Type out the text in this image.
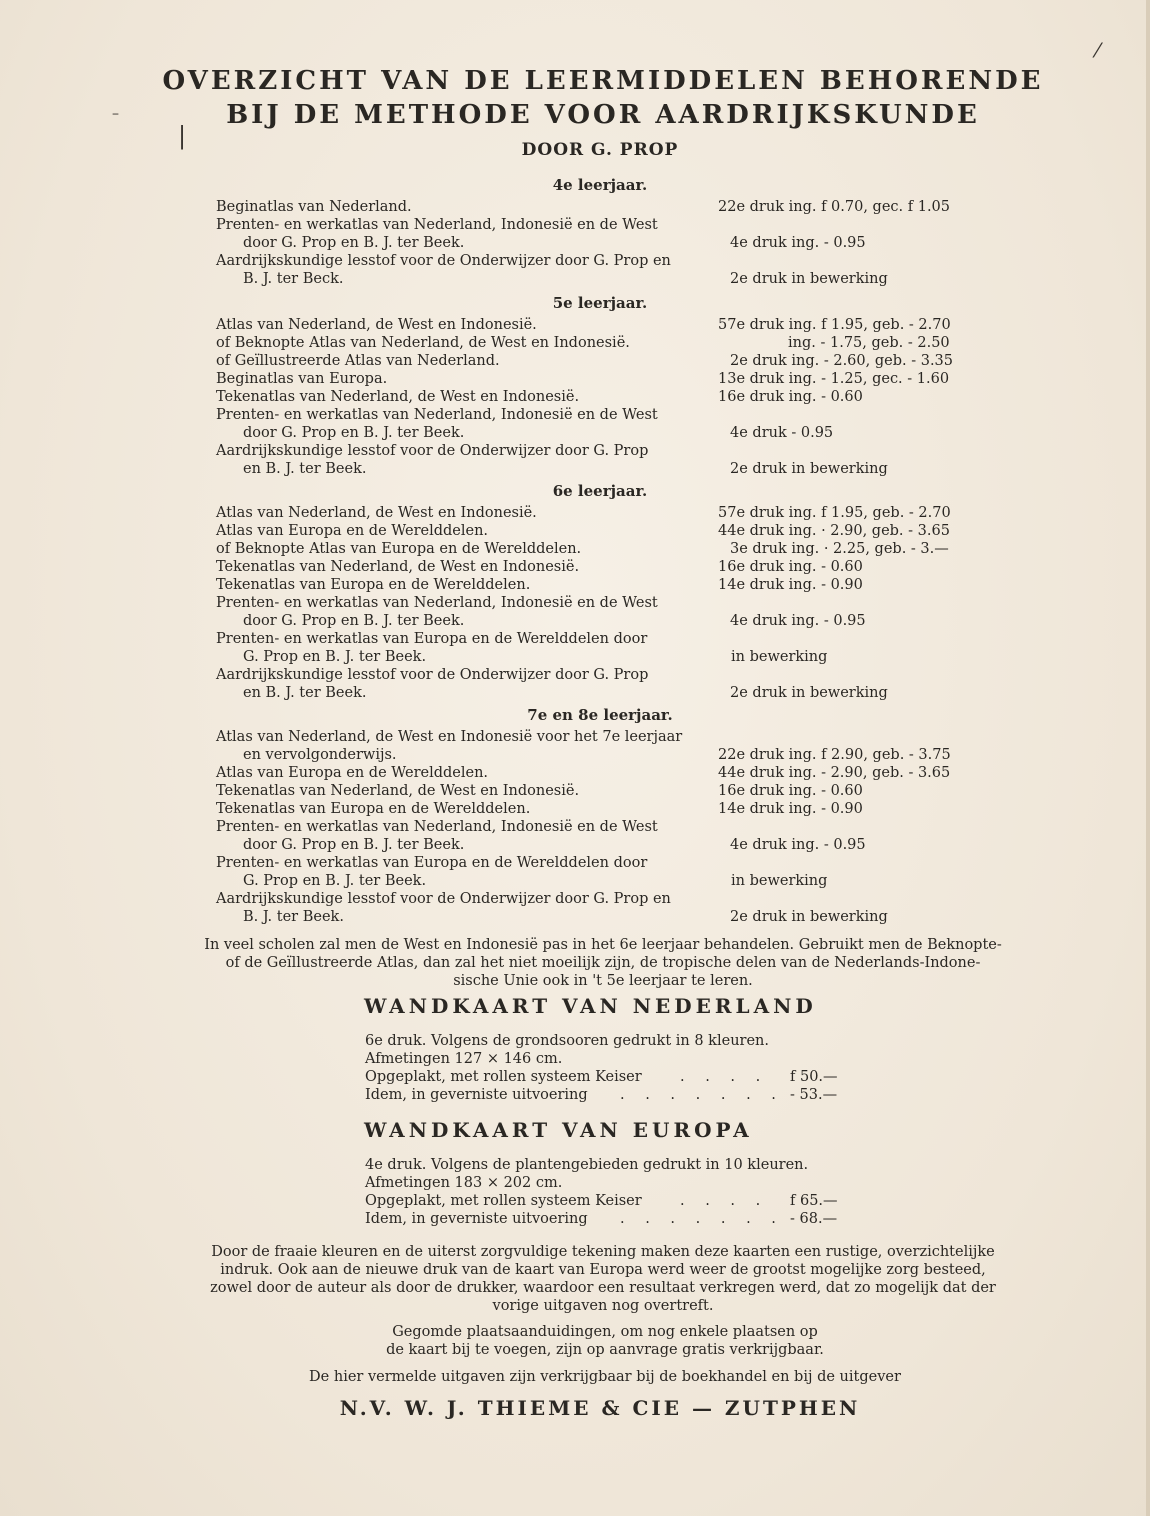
⁄
|
–
OVERZICHT VAN DE LEERMIDDELEN BEHORENDE
BIJ DE METHODE VOOR AARDRIJKSKUNDE
DOOR G. PROP
4e leerjaar.
Beginatlas van Nederland.	22e druk ing. f 0.70, gec. f 1.05
Prenten- en werkatlas van Nederland, Indonesië en de West
door G. Prop en B. J. ter Beek.	4e druk ing. - 0.95
Aardrijkskundige lesstof voor de Onderwijzer door G. Prop en
B. J. ter Beck.	2e druk in bewerking
5e leerjaar.
Atlas van Nederland, de West en Indonesië.	57e druk ing. f 1.95, geb. - 2.70
of Beknopte Atlas van Nederland, de West en Indonesië.	ing. - 1.75, geb. - 2.50
of Geïllustreerde Atlas van Nederland.	2e druk ing. - 2.60, geb. - 3.35
Beginatlas van Europa.	13e druk ing. - 1.25, gec. - 1.60
Tekenatlas van Nederland, de West en Indonesië.	16e druk ing. - 0.60
Prenten- en werkatlas van Nederland, Indonesië en de West
door G. Prop en B. J. ter Beek.	4e druk - 0.95
Aardrijkskundige lesstof voor de Onderwijzer door G. Prop
en B. J. ter Beek.	2e druk in bewerking
6e leerjaar.
Atlas van Nederland, de West en Indonesië.	57e druk ing. f 1.95, geb. - 2.70
Atlas van Europa en de Werelddelen.	44e druk ing. · 2.90, geb. - 3.65
of Beknopte Atlas van Europa en de Werelddelen.	3e druk ing. · 2.25, geb. - 3.—
Tekenatlas van Nederland, de West en Indonesië.	16e druk ing. - 0.60
Tekenatlas van Europa en de Werelddelen.	14e druk ing. - 0.90
Prenten- en werkatlas van Nederland, Indonesië en de West
door G. Prop en B. J. ter Beek.	4e druk ing. - 0.95
Prenten- en werkatlas van Europa en de Werelddelen door
G. Prop en B. J. ter Beek.	in bewerking
Aardrijkskundige lesstof voor de Onderwijzer door G. Prop
en B. J. ter Beek.	2e druk in bewerking
7e en 8e leerjaar.
Atlas van Nederland, de West en Indonesië voor het 7e leerjaar
en vervolgonderwijs.	22e druk ing. f 2.90, geb. - 3.75
Atlas van Europa en de Werelddelen.	44e druk ing. - 2.90, geb. - 3.65
Tekenatlas van Nederland, de West en Indonesië.	16e druk ing. - 0.60
Tekenatlas van Europa en de Werelddelen.	14e druk ing. - 0.90
Prenten- en werkatlas van Nederland, Indonesië en de West
door G. Prop en B. J. ter Beek.	4e druk ing. - 0.95
Prenten- en werkatlas van Europa en de Werelddelen door
G. Prop en B. J. ter Beek.	in bewerking
Aardrijkskundige lesstof voor de Onderwijzer door G. Prop en
B. J. ter Beek.	2e druk in bewerking
In veel scholen zal men de West en Indonesië pas in het 6e leerjaar behandelen. Gebruikt men de Beknopte-
of de Geïllustreerde Atlas, dan zal het niet moeilijk zijn, de tropische delen van de Nederlands-Indone-
sische Unie ook in 't 5e leerjaar te leren.
WANDKAART VAN NEDERLAND
6e druk. Volgens de grondsooren gedrukt in 8 kleuren.
Afmetingen 127 × 146 cm.
Opgeplakt, met rollen systeem Keiser	. . . . f 50.—
Idem, in geverniste uitvoering . . . . . . . - 53.—
WANDKAART VAN EUROPA
4e druk. Volgens de plantengebieden gedrukt in 10 kleuren.
Afmetingen 183 × 202 cm.
Opgeplakt, met rollen systeem Keiser	. . . . f 65.—
Idem, in geverniste uitvoering . . . . . . . - 68.—
Door de fraaie kleuren en de uiterst zorgvuldige tekening maken deze kaarten een rustige, overzichtelijke
indruk. Ook aan de nieuwe druk van de kaart van Europa werd weer de grootst mogelijke zorg besteed,
zowel door de auteur als door de drukker, waardoor een resultaat verkregen werd, dat zo mogelijk dat der
vorige uitgaven nog overtreft.
Gegomde plaatsaanduidingen, om nog enkele plaatsen op
de kaart bij te voegen, zijn op aanvrage gratis verkrijgbaar.
De hier vermelde uitgaven zijn verkrijgbaar bij de boekhandel en bij de uitgever
N.V. W. J. THIEME & CIE — ZUTPHEN
